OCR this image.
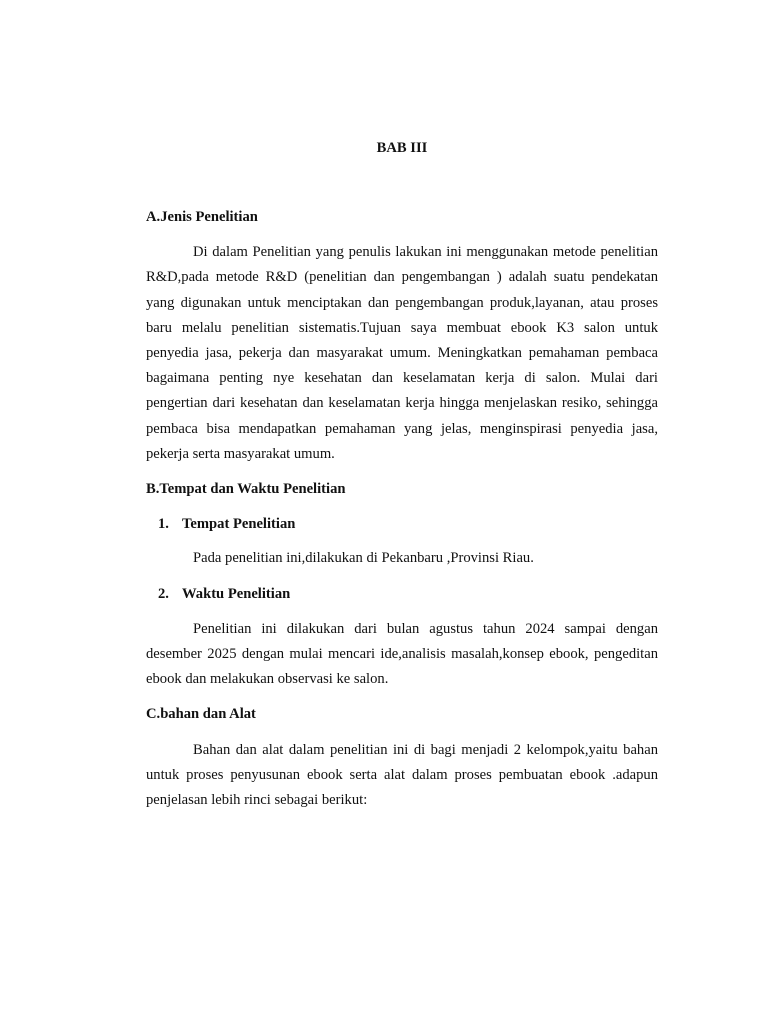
BAB III

A.Jenis Penelitian

Di dalam Penelitian yang penulis lakukan ini menggunakan metode penelitian R&D,pada metode R&D (penelitian dan pengembangan ) adalah suatu pendekatan yang digunakan untuk menciptakan dan pengembangan produk,layanan, atau proses baru melalu penelitian sistematis.Tujuan saya membuat ebook K3 salon untuk penyedia jasa, pekerja dan masyarakat umum. Meningkatkan pemahaman pembaca bagaimana penting nye kesehatan dan keselamatan kerja di salon. Mulai dari pengertian dari kesehatan dan keselamatan kerja hingga menjelaskan resiko, sehingga pembaca bisa mendapatkan pemahaman yang jelas, menginspirasi penyedia jasa, pekerja serta masyarakat umum.

B.Tempat dan Waktu Penelitian

1. Tempat Penelitian

Pada penelitian ini,dilakukan di Pekanbaru ,Provinsi Riau.

2. Waktu Penelitian

Penelitian ini dilakukan dari bulan agustus tahun 2024 sampai dengan desember 2025 dengan mulai mencari ide,analisis masalah,konsep ebook, pengeditan ebook dan melakukan observasi ke salon.

C.bahan dan Alat

Bahan dan alat dalam penelitian ini di bagi menjadi 2 kelompok,yaitu bahan untuk proses penyusunan ebook serta alat dalam proses pembuatan ebook .adapun penjelasan lebih rinci sebagai berikut:
